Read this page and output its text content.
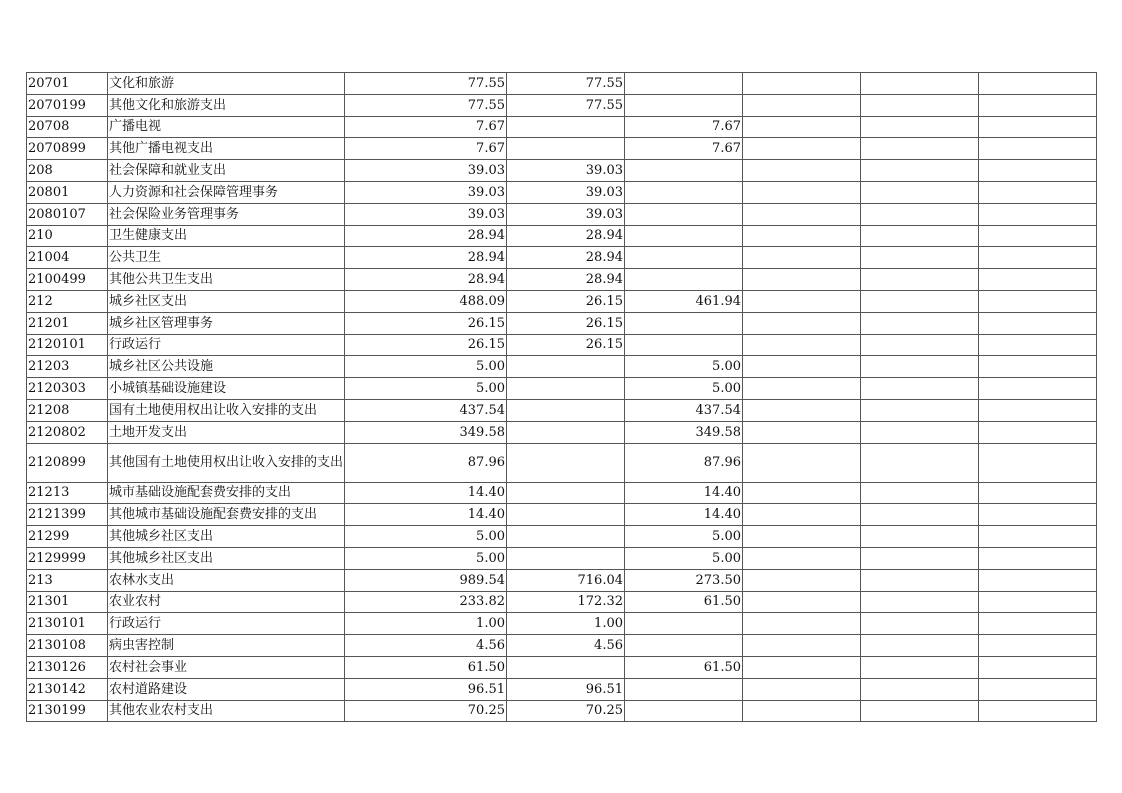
20701	文化和旅游	77.55	77.55				
2070199	其他文化和旅游支出	77.55	77.55				
20708	广播电视	7.67		7.67			
2070899	其他广播电视支出	7.67		7.67			
208	社会保障和就业支出	39.03	39.03				
20801	人力资源和社会保障管理事务	39.03	39.03				
2080107	社会保险业务管理事务	39.03	39.03				
210	卫生健康支出	28.94	28.94				
21004	公共卫生	28.94	28.94				
2100499	其他公共卫生支出	28.94	28.94				
212	城乡社区支出	488.09	26.15	461.94			
21201	城乡社区管理事务	26.15	26.15				
2120101	行政运行	26.15	26.15				
21203	城乡社区公共设施	5.00		5.00			
2120303	小城镇基础设施建设	5.00		5.00			
21208	国有土地使用权出让收入安排的支出	437.54		437.54			
2120802	土地开发支出	349.58		349.58			
2120899	其他国有土地使用权出让收入安排的支出	87.96		87.96			
21213	城市基础设施配套费安排的支出	14.40		14.40			
2121399	其他城市基础设施配套费安排的支出	14.40		14.40			
21299	其他城乡社区支出	5.00		5.00			
2129999	其他城乡社区支出	5.00		5.00			
213	农林水支出	989.54	716.04	273.50			
21301	农业农村	233.82	172.32	61.50			
2130101	行政运行	1.00	1.00				
2130108	病虫害控制	4.56	4.56				
2130126	农村社会事业	61.50		61.50			
2130142	农村道路建设	96.51	96.51				
2130199	其他农业农村支出	70.25	70.25				
